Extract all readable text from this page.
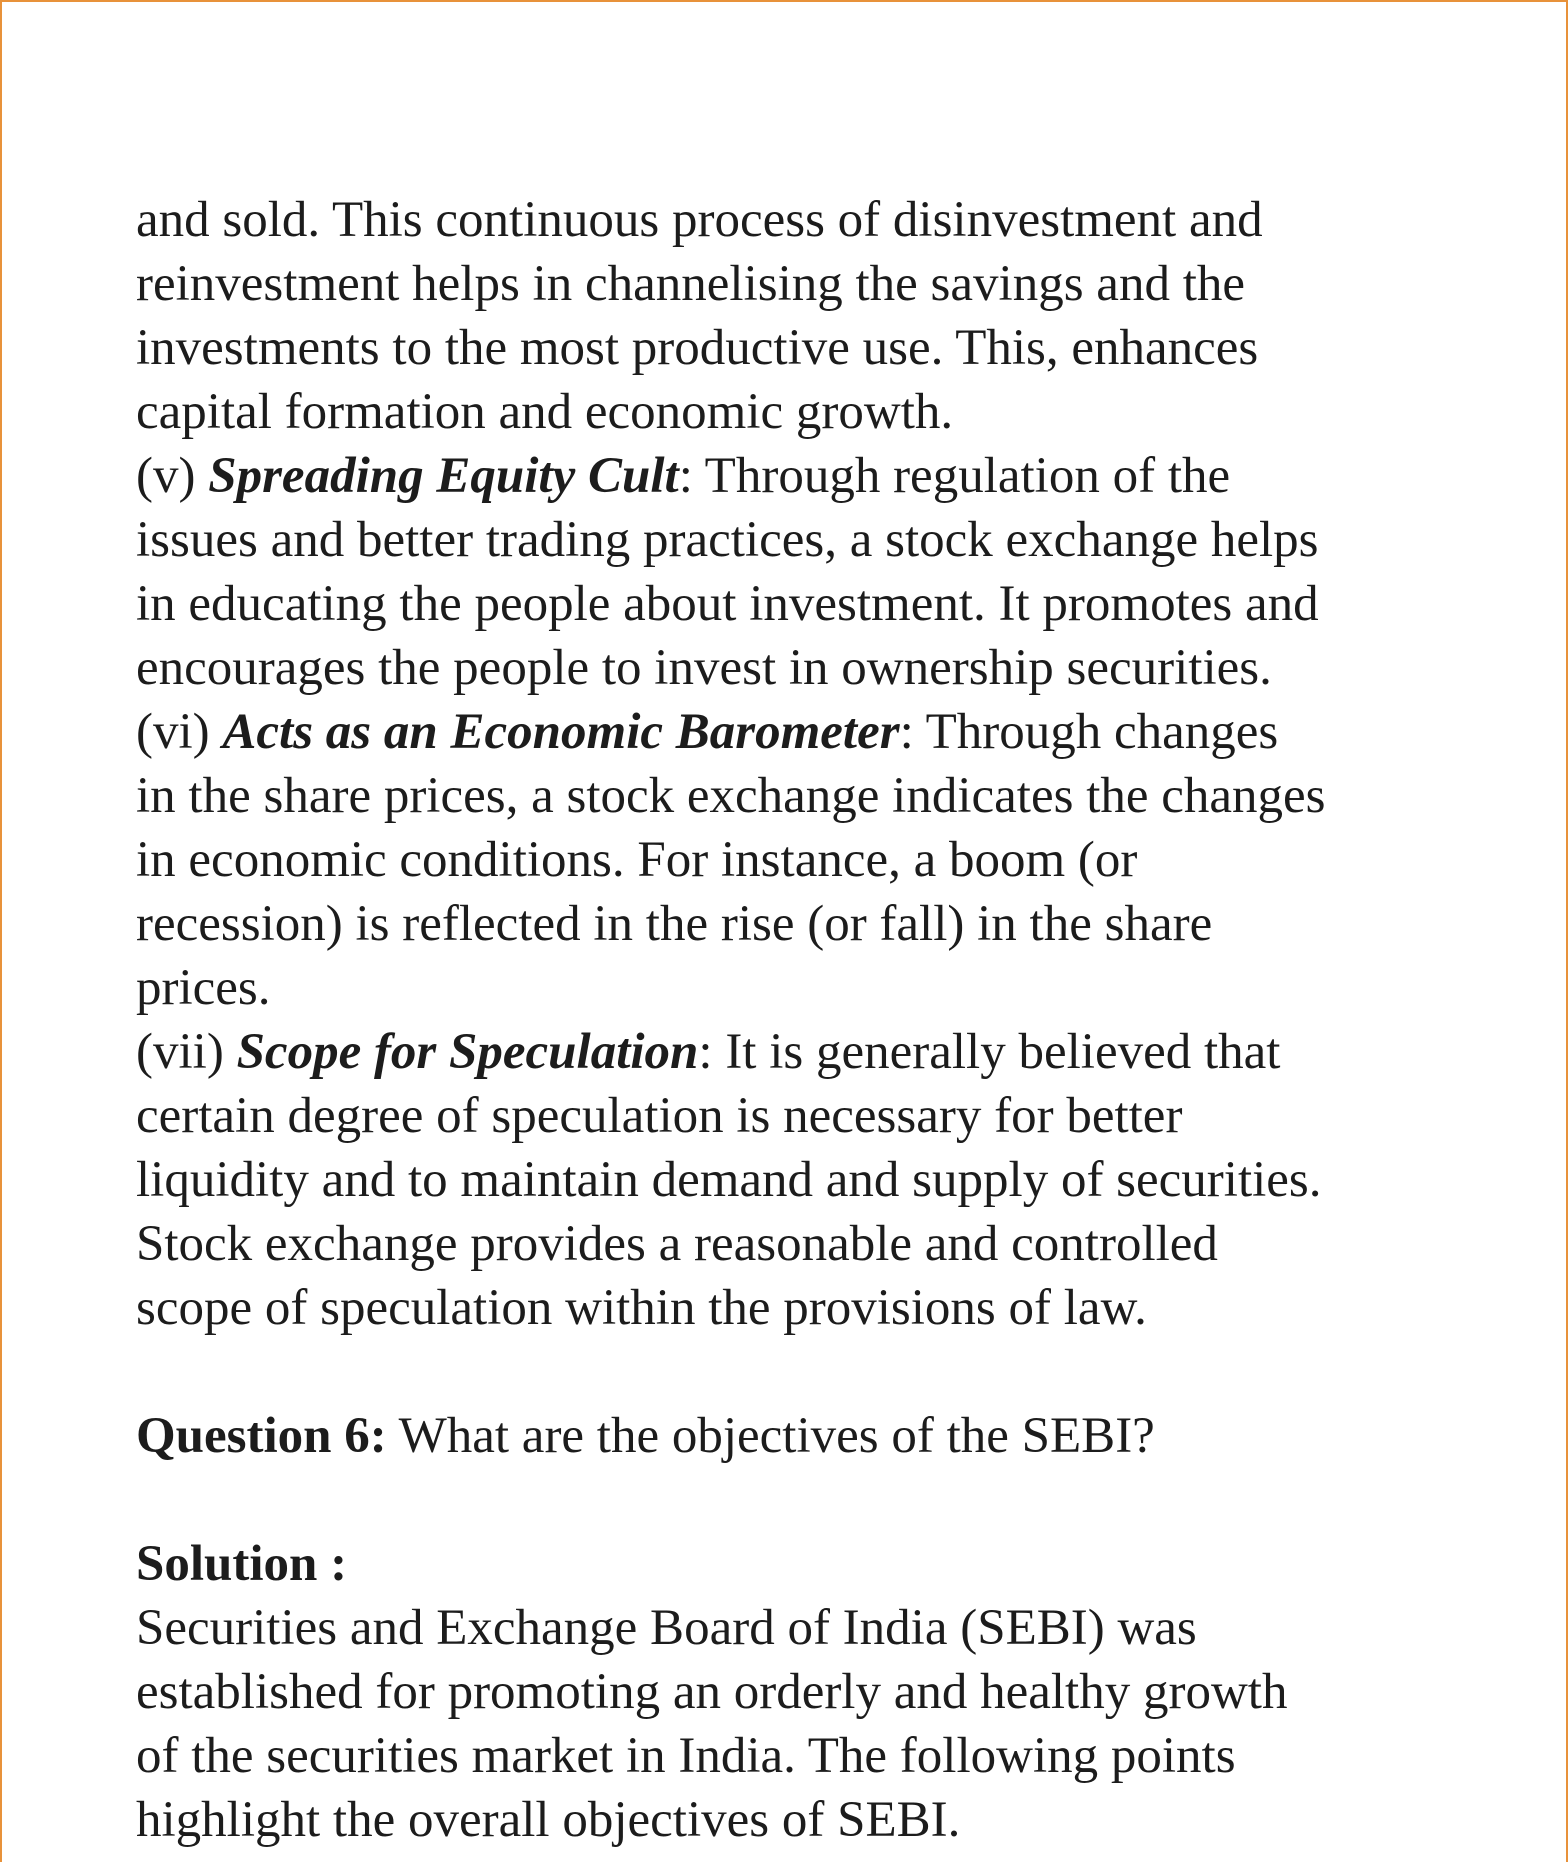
and sold. This continuous process of disinvestment and
reinvestment helps in channelising the savings and the
investments to the most productive use. This, enhances
capital formation and economic growth.
(v) Spreading Equity Cult: Through regulation of the
issues and better trading practices, a stock exchange helps
in educating the people about investment. It promotes and
encourages the people to invest in ownership securities.
(vi) Acts as an Economic Barometer: Through changes
in the share prices, a stock exchange indicates the changes
in economic conditions. For instance, a boom (or
recession) is reflected in the rise (or fall) in the share
prices.
(vii) Scope for Speculation: It is generally believed that
certain degree of speculation is necessary for better
liquidity and to maintain demand and supply of securities.
Stock exchange provides a reasonable and controlled
scope of speculation within the provisions of law.
Question 6: What are the objectives of the SEBI?
Solution :
Securities and Exchange Board of India (SEBI) was
established for promoting an orderly and healthy growth
of the securities market in India. The following points
highlight the overall objectives of SEBI.
